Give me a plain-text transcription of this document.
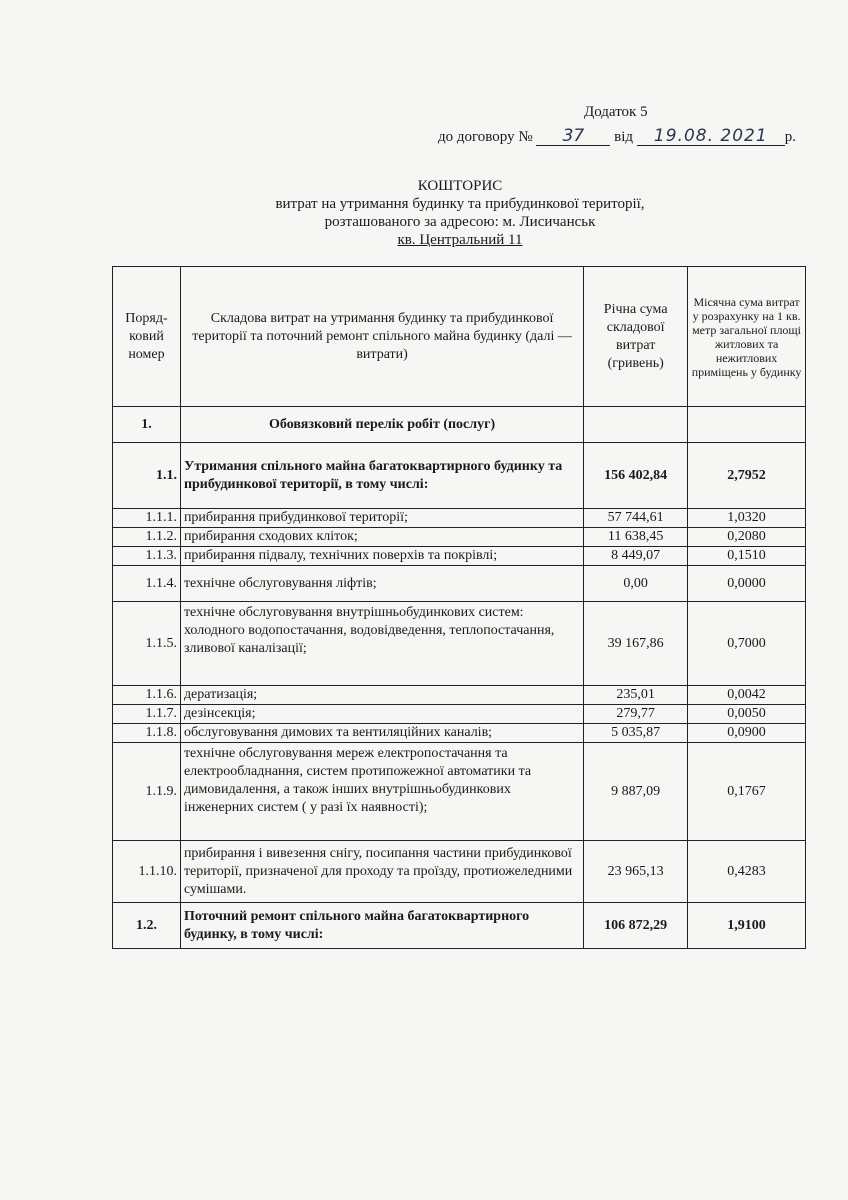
Додаток 5
до договору № 37 від 19.08. 2021 р.
КОШТОРИС
витрат на утримання будинку та прибудинкової території,
розташованого за адресою: м. Лисичанськ
кв. Центральний 11
Поряд-ковий номер	Складова витрат на утримання будинку та прибудинкової території та поточний ремонт спільного майна будинку (далі — витрати)	Річна сума складової витрат (гривень)	Місячна сума витрат у розрахунку на 1 кв. метр загальної площі житлових та нежитлових приміщень у будинку
1.	Обовязковий перелік робіт (послуг)		
1.1.	Утримання спільного майна багатоквартирного будинку та прибудинкової території, в тому числі:	156 402,84	2,7952
1.1.1.	прибирання прибудинкової території;	57 744,61	1,0320
1.1.2.	прибирання сходових кліток;	11 638,45	0,2080
1.1.3.	прибирання підвалу, технічних поверхів та покрівлі;	8 449,07	0,1510
1.1.4.	технічне обслуговування ліфтів;	0,00	0,0000
1.1.5.	технічне обслуговування внутрішньобудинкових систем: холодного водопостачання, водовідведення, теплопостачання, зливової каналізації;	39 167,86	0,7000
1.1.6.	дератизація;	235,01	0,0042
1.1.7.	дезінсекція;	279,77	0,0050
1.1.8.	обслуговування димових та вентиляційних каналів;	5 035,87	0,0900
1.1.9.	технічне обслуговування мереж електропостачання та електрообладнання, систем протипожежної автоматики та димовидалення, а також інших внутрішньобудинкових інженерних систем ( у разі їх наявності);	9 887,09	0,1767
1.1.10.	прибирання і вивезення снігу, посипання частини прибудинкової території, призначеної для проходу та проїзду, протиожеледними сумішами.	23 965,13	0,4283
1.2.	Поточний ремонт спільного майна багатоквартирного будинку, в тому числі:	106 872,29	1,9100
